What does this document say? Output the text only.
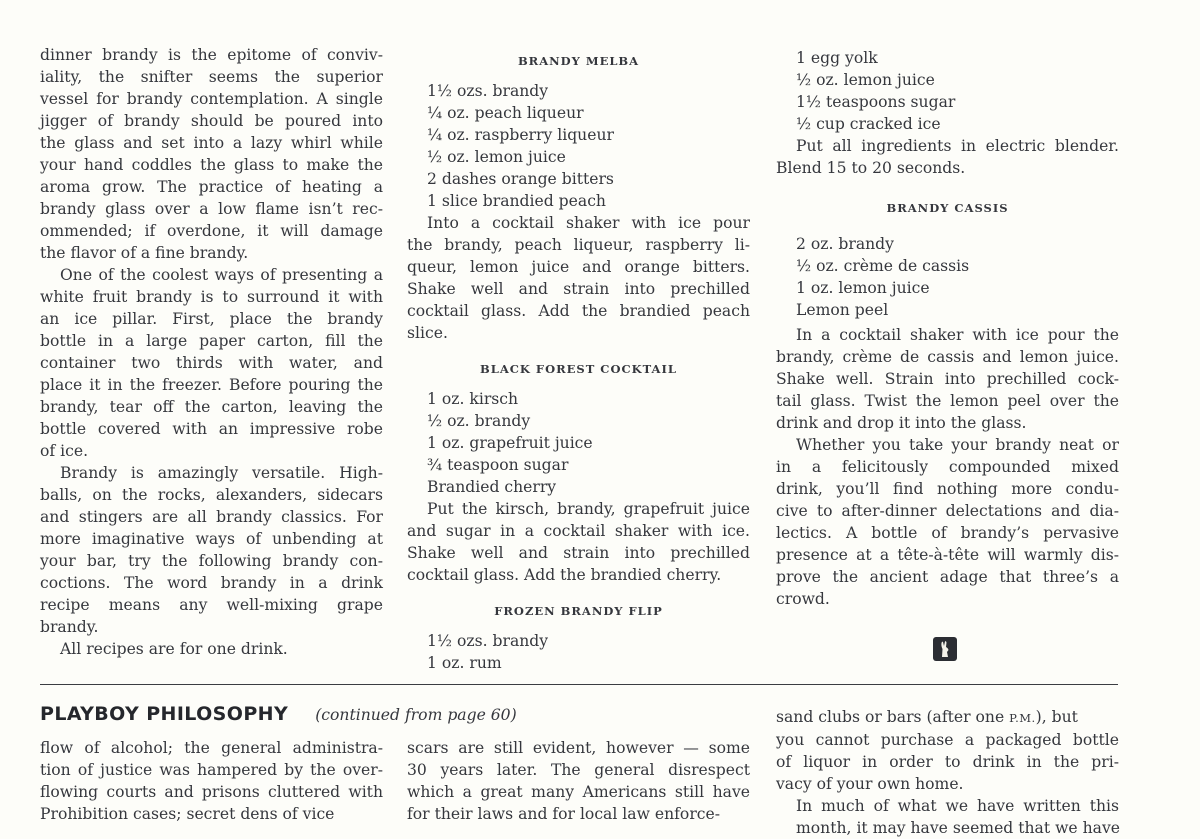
dinner brandy is the epitome of conviv-
iality, the snifter seems the superior
vessel for brandy contemplation. A single
jigger of brandy should be poured into
the glass and set into a lazy whirl while
your hand coddles the glass to make the
aroma grow. The practice of heating a
brandy glass over a low flame isn’t rec-
ommended; if overdone, it will damage
the flavor of a fine brandy.

One of the coolest ways of presenting a
white fruit brandy is to surround it with
an ice pillar. First, place the brandy
bottle in a large paper carton, fill the
container two thirds with water, and
place it in the freezer. Before pouring the
brandy, tear off the carton, leaving the
bottle covered with an impressive robe
of ice.

Brandy is amazingly versatile. High-
balls, on the rocks, alexanders, sidecars
and stingers are all brandy classics. For
more imaginative ways of unbending at
your bar, try the following brandy con-
coctions. The word brandy in a drink
recipe means any well-mixing grape
brandy.

All recipes are for one drink.

BRANDY MELBA
1½ ozs. brandy
¼ oz. peach liqueur
¼ oz. raspberry liqueur
½ oz. lemon juice
2 dashes orange bitters
1 slice brandied peach

Into a cocktail shaker with ice pour
the brandy, peach liqueur, raspberry li-
queur, lemon juice and orange bitters.
Shake well and strain into prechilled
cocktail glass. Add the brandied peach
slice.

BLACK FOREST COCKTAIL
1 oz. kirsch
½ oz. brandy
1 oz. grapefruit juice
¾ teaspoon sugar
Brandied cherry

Put the kirsch, brandy, grapefruit juice
and sugar in a cocktail shaker with ice.
Shake well and strain into prechilled
cocktail glass. Add the brandied cherry.

FROZEN BRANDY FLIP
1½ ozs. brandy
1 oz. rum
1 egg yolk
½ oz. lemon juice
1½ teaspoons sugar
½ cup cracked ice

Put all ingredients in electric blender.
Blend 15 to 20 seconds.

BRANDY CASSIS
2 oz. brandy
½ oz. crème de cassis
1 oz. lemon juice
Lemon peel

In a cocktail shaker with ice pour the
brandy, crème de cassis and lemon juice.
Shake well. Strain into prechilled cock-
tail glass. Twist the lemon peel over the
drink and drop it into the glass.

Whether you take your brandy neat or
in a felicitously compounded mixed
drink, you’ll find nothing more condu-
cive to after-dinner delectations and dia-
lectics. A bottle of brandy’s pervasive
presence at a tête-à-tête will warmly dis-
prove the ancient adage that three’s a
crowd.

PLAYBOY PHILOSOPHY (continued from page 60)
flow of alcohol; the general administra-
tion of justice was hampered by the over-
flowing courts and prisons cluttered with
Prohibition cases; secret dens of vice
scars are still evident, however — some
30 years later. The general disrespect
which a great many Americans still have
for their laws and for local law enforce-
sand clubs or bars (after one P.M.), but
you cannot purchase a packaged bottle
of liquor in order to drink in the pri-
vacy of your own home.
In much of what we have written this
month, it may have seemed that we have
